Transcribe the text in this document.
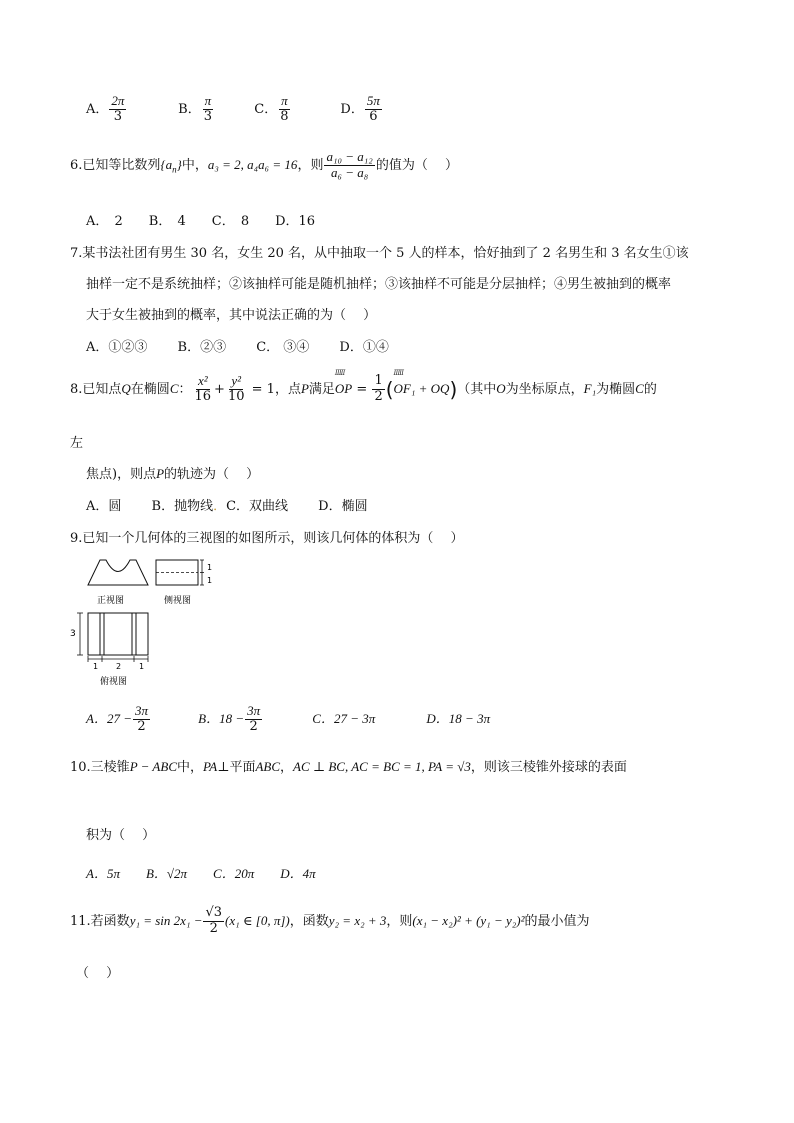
A． $\frac{2\pi}{3}$	B． $\frac{\pi}{3}$	C． $\frac{\pi}{8}$	D． $\frac{5\pi}{6}$
6.已知等比数列$\{a_n\}$中，a₃ = 2, a₄a₆ = 16，则 $\frac{\text{a₁₀ − a₁₂}}{\text{a₆ − a₈}}$ 的值为（　 ）
A． 2　　B． 4　　C． 8　　D．16
7.某书法社团有男生 30 名，女生 20 名，从中抽取一个 5 人的样本，恰好抽到了 2 名男生和 3 名女生①该
抽样一定不是系统抽样；②该抽样可能是随机抽样；③该抽样不可能是分层抽样；④男生被抽到的概率
大于女生被抽到的概率，其中说法正确的为（　 ）
A．①②③　　 B．②③　　 C． ③④　　 D．①④
8.已知点Q在椭圆C： $\frac{\text{x²}}{16} + \frac{\text{y²}}{10} = 1$，点P满足ⅢⅡ OP = $\frac{1}{2}$ (ⅢⅡ OF₁ + OQ)（其中O为坐标原点，F₁为椭圆C的
左
焦点)，则点P的轨迹为（　 ）
A．圆　　 B．抛物线．C．双曲线　　 D．椭圆
9.已知一个几何体的三视图的如图所示，则该几何体的体积为（　 ）
1
1
正视图	侧视图
3
1 2 1
俯视图
A．$27 - \frac{3\pi}{2}$	B．$18 - \frac{3\pi}{2}$	C．27 − 3π	D．18 − 3π
10.三棱锥P − ABC中，PA⊥平面ABC，AC ⊥ BC, AC = BC = 1, PA = √3，则该三棱锥外接球的表面
积为（　 ）
A．5π　　B．√2π　　C．20π　　D．4π
11.若函数$y_1 = \sin 2x_1 - \frac{√3}{2} (x_1$ ∈ [0, π])，函数y₂ = x₂ + 3，则(x₁ − x₂)² + (y₁ − y₂)²的最小值为
（　 ）
